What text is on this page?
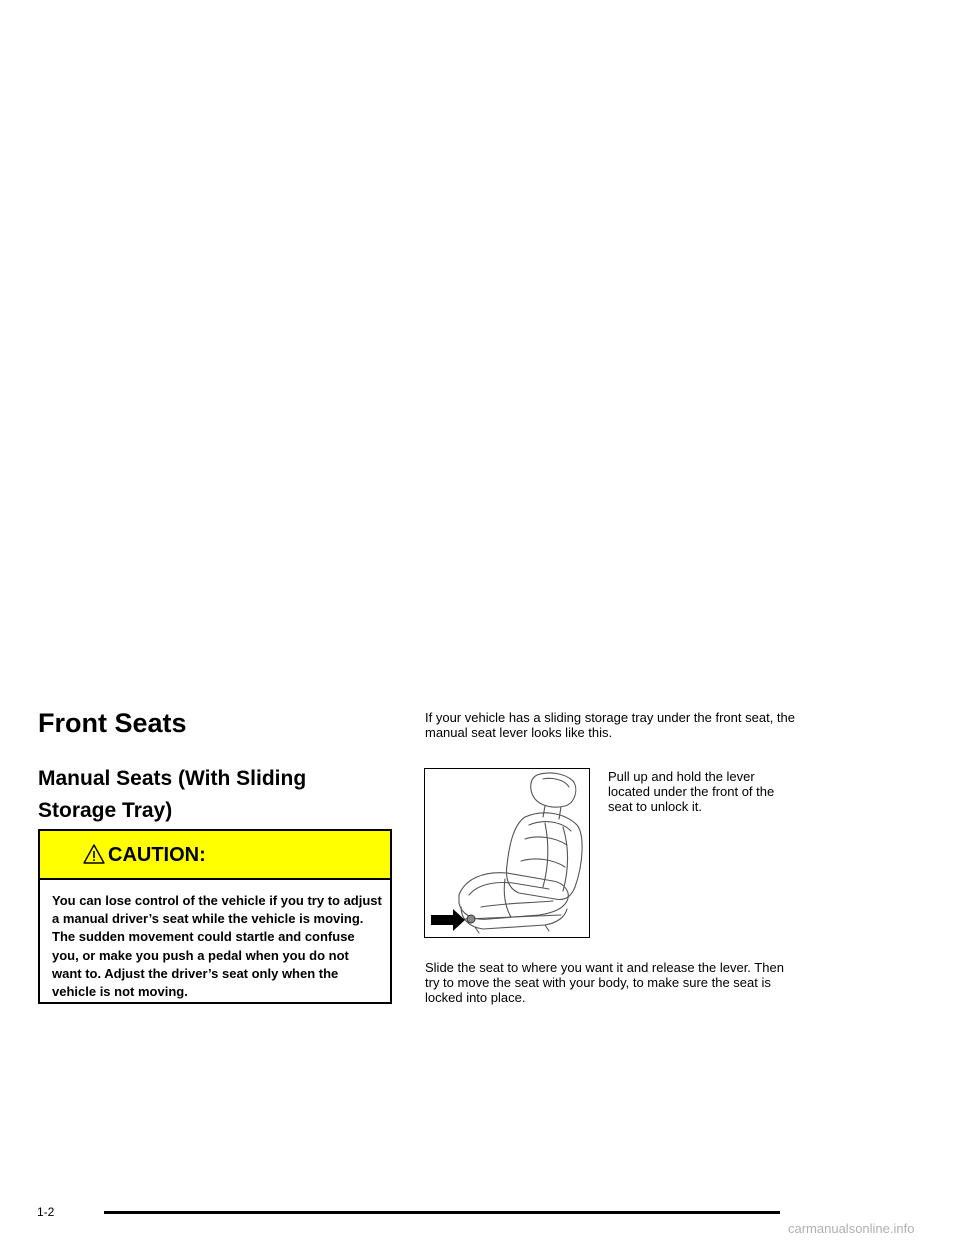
Front Seats
Manual Seats (With Sliding Storage Tray)
CAUTION:
You can lose control of the vehicle if you try to adjust a manual driver’s seat while the vehicle is moving. The sudden movement could startle and confuse you, or make you push a pedal when you do not want to. Adjust the driver’s seat only when the vehicle is not moving.

If your vehicle has a sliding storage tray under the front seat, the manual seat lever looks like this.

Pull up and hold the lever located under the front of the seat to unlock it.

Slide the seat to where you want it and release the lever. Then try to move the seat with your body, to make sure the seat is locked into place.

1-2
carmanualsonline.info
